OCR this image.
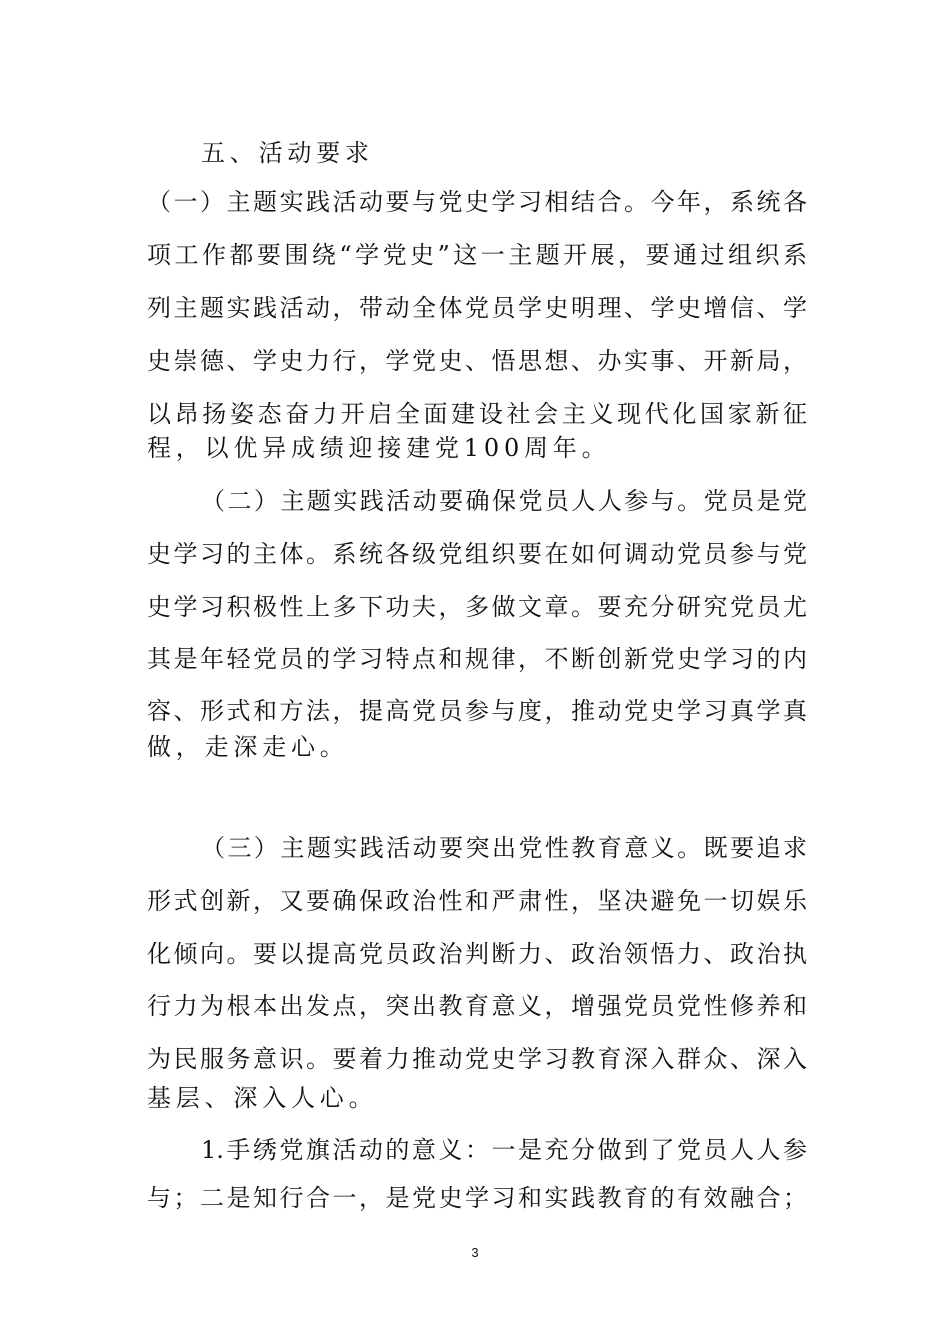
五、活动要求
（一）主题实践活动要与党史学习相结合。今年，系统各
项工作都要围绕“学党史”这一主题开展，要通过组织系
列主题实践活动，带动全体党员学史明理、学史增信、学
史崇德、学史力行，学党史、悟思想、办实事、开新局，
以昂扬姿态奋力开启全面建设社会主义现代化国家新征
程，以优异成绩迎接建党100周年。
（二）主题实践活动要确保党员人人参与。党员是党
史学习的主体。系统各级党组织要在如何调动党员参与党
史学习积极性上多下功夫，多做文章。要充分研究党员尤
其是年轻党员的学习特点和规律，不断创新党史学习的内
容、形式和方法，提高党员参与度，推动党史学习真学真
做，走深走心。
（三）主题实践活动要突出党性教育意义。既要追求
形式创新，又要确保政治性和严肃性，坚决避免一切娱乐
化倾向。要以提高党员政治判断力、政治领悟力、政治执
行力为根本出发点，突出教育意义，增强党员党性修养和
为民服务意识。要着力推动党史学习教育深入群众、深入
基层、深入人心。
1.手绣党旗活动的意义：一是充分做到了党员人人参
与；二是知行合一，是党史学习和实践教育的有效融合；
3
